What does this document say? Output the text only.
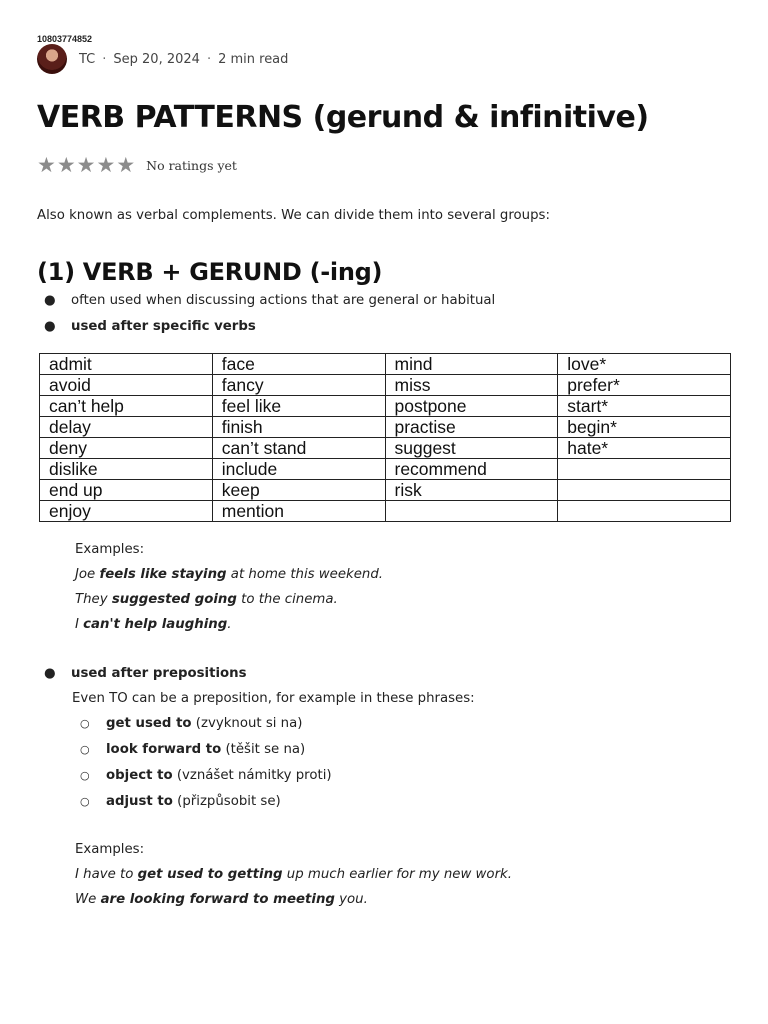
10803774852
TC · Sep 20, 2024 · 2 min read
VERB PATTERNS (gerund & infinitive)
★ ★ ★ ★ ★ No ratings yet
Also known as verbal complements. We can divide them into several groups:
(1) VERB + GERUND (-ing)
● often used when discussing actions that are general or habitual
● used after specific verbs
admit	face	mind	love*
avoid	fancy	miss	prefer*
can’t help	feel like	postpone	start*
delay	finish	practise	begin*
deny	can’t stand	suggest	hate*
dislike	include	recommend	
end up	keep	risk	
enjoy	mention		
Examples:
Joe feels like staying at home this weekend.
They suggested going to the cinema.
I can't help laughing.
● used after prepositions
Even TO can be a preposition, for example in these phrases:
○ get used to (zvyknout si na)
○ look forward to (těšit se na)
○ object to (vznášet námitky proti)
○ adjust to (přizpůsobit se)
Examples:
I have to get used to getting up much earlier for my new work.
We are looking forward to meeting you.
